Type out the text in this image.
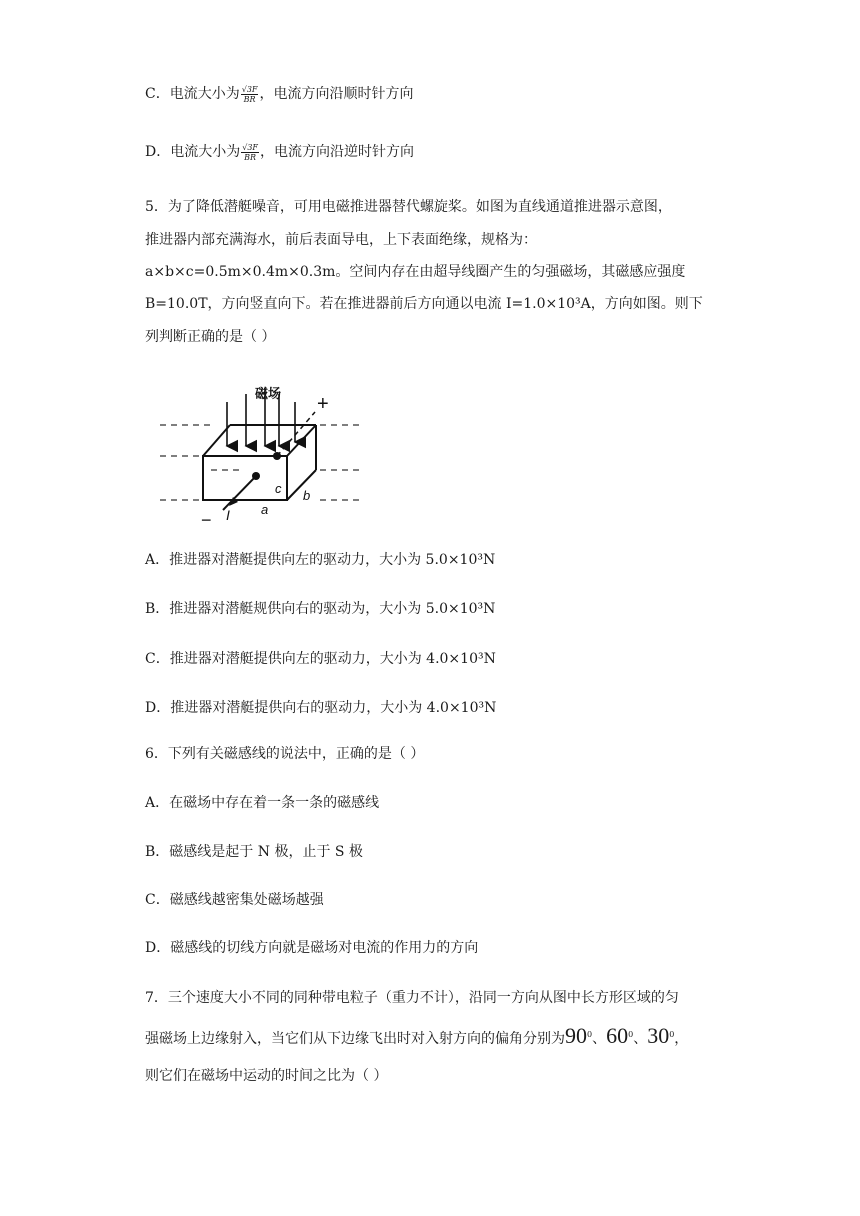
C．电流大小为 $\frac{√3F}{BR}$ ，电流方向沿顺时针方向
D．电流大小为 $\frac{√3F}{BR}$ ，电流方向沿逆时针方向
5．为了降低潜艇噪音，可用电磁推进器替代螺旋桨。如图为直线通道推进器示意图，
推进器内部充满海水，前后表面导电，上下表面绝缘，规格为：
a×b×c=0.5m×0.4m×0.3m。空间内存在由超导线圈产生的匀强磁场，其磁感应强度
B=10.0T，方向竖直向下。若在推进器前后方向通以电流 I=1.0×10³A，方向如图。则下
列判断正确的是（ ）
磁场 +
− I a
b
c
A．推进器对潜艇提供向左的驱动力，大小为 5.0×10³N
B．推进器对潜艇规供向右的驱动为，大小为 5.0×10³N
C．推进器对潜艇提供向左的驱动力，大小为 4.0×10³N
D．推进器对潜艇提供向右的驱动力，大小为 4.0×10³N
6．下列有关磁感线的说法中，正确的是（ ）
A．在磁场中存在着一条一条的磁感线
B．磁感线是起于 N 极，止于 S 极
C．磁感线越密集处磁场越强
D．磁感线的切线方向就是磁场对电流的作用力的方向
7．三个速度大小不同的同种带电粒子（重力不计），沿同一方向从图中长方形区域的匀
强磁场上边缘射入，当它们从下边缘飞出时对入射方向的偏角分别为$90^0$、$60^0$、$30^0$，
则它们在磁场中运动的时间之比为（ ）
